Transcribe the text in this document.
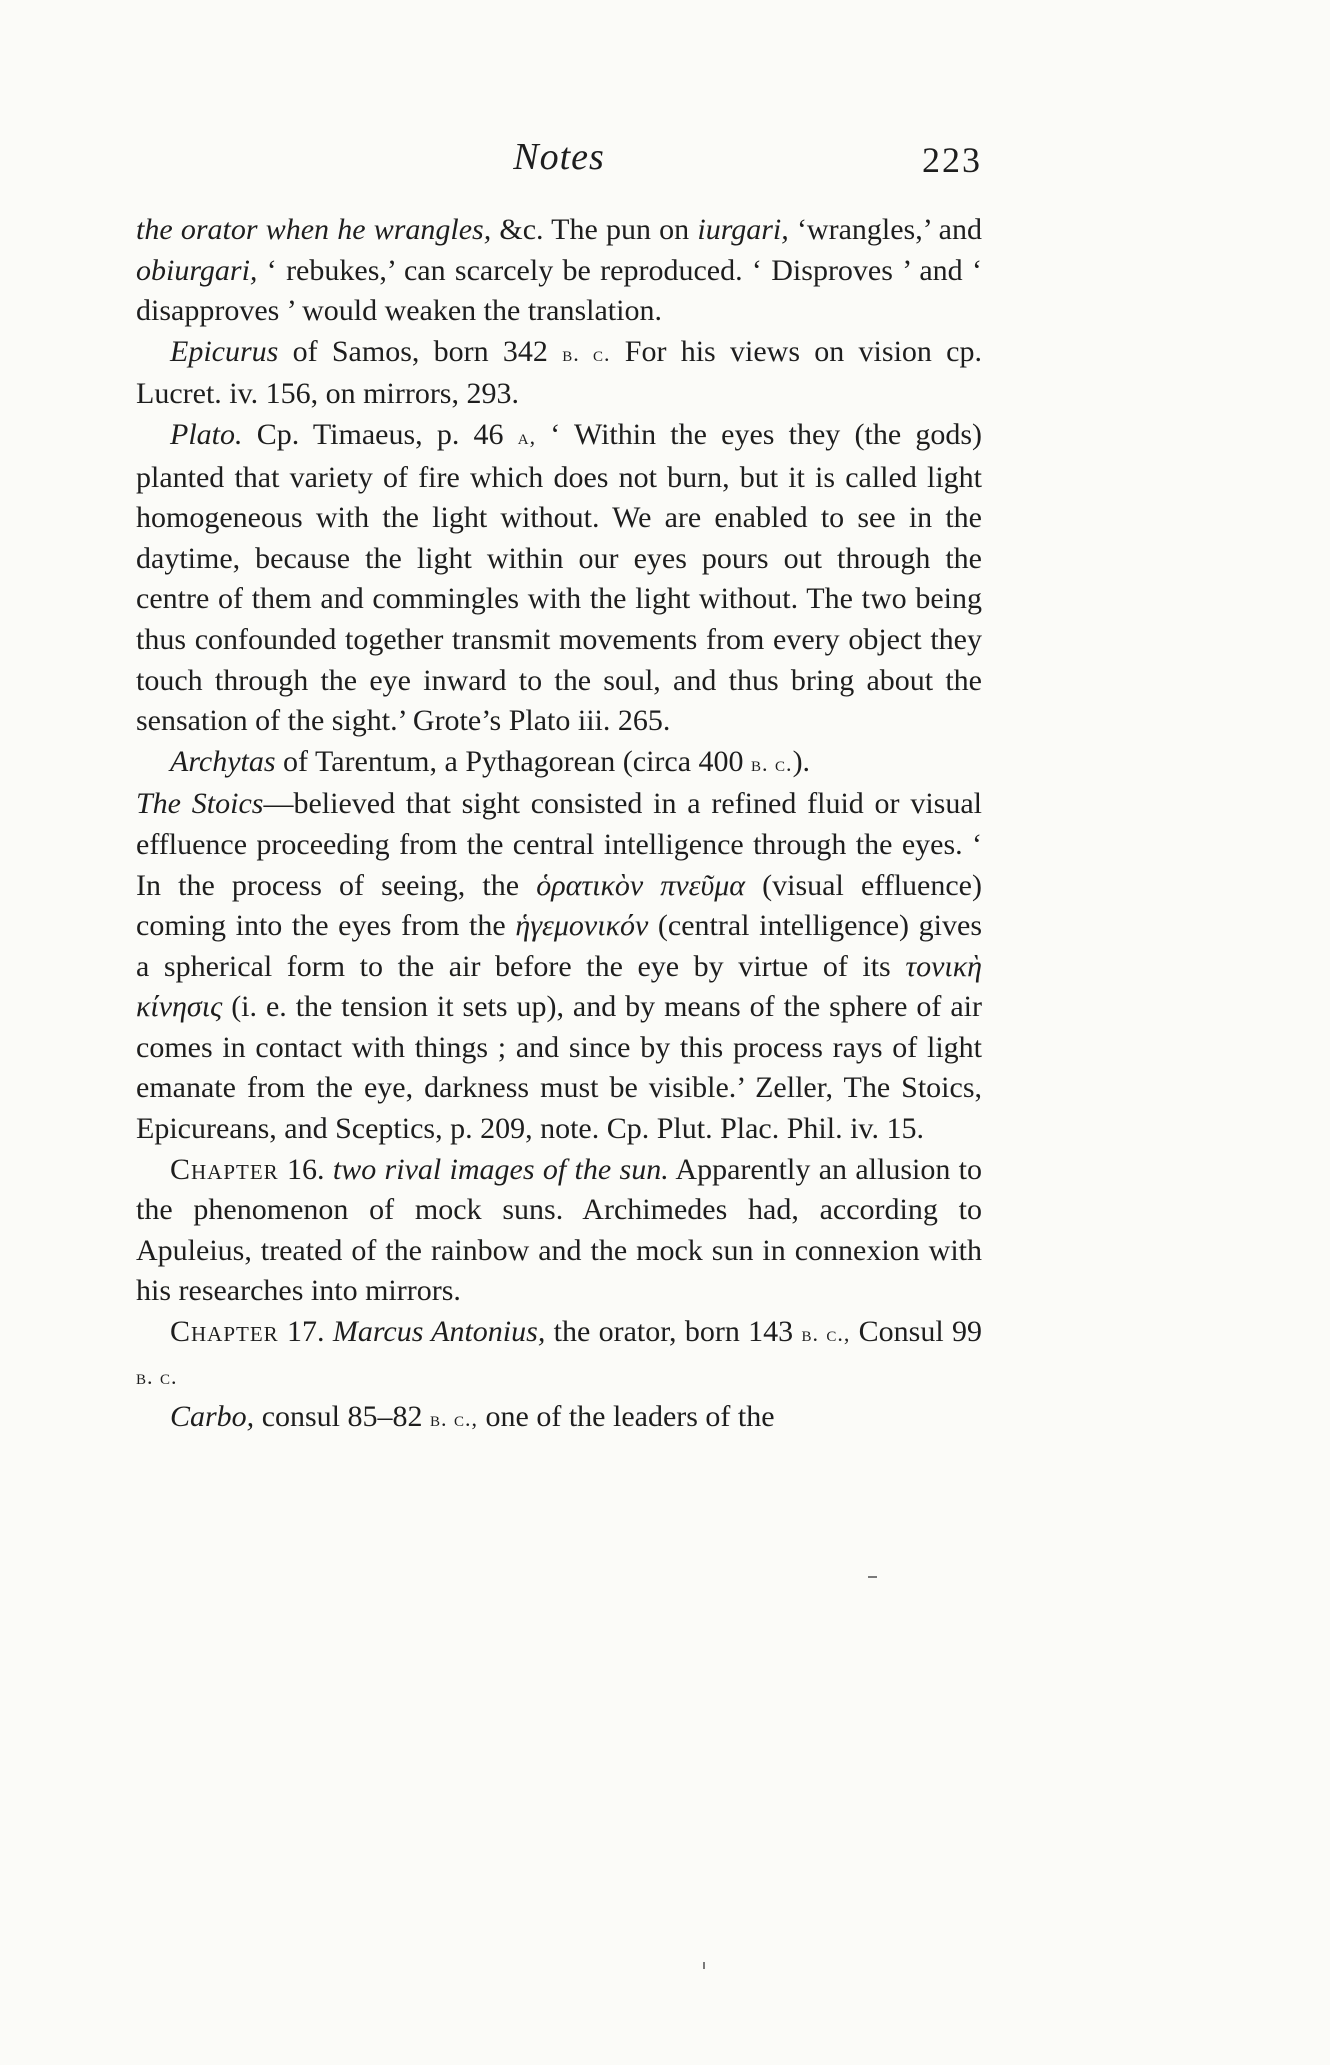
Notes	223

the orator when he wrangles, &c. The pun on iurgari, ‘wrangles,’ and obiurgari, ‘ rebukes,’ can scarcely be reproduced. ‘ Disproves ’ and ‘ disapproves ’ would weaken the translation.

Epicurus of Samos, born 342 b. c. For his views on vision cp. Lucret. iv. 156, on mirrors, 293.

Plato. Cp. Timaeus, p. 46 a, ‘ Within the eyes they (the gods) planted that variety of fire which does not burn, but it is called light homogeneous with the light without. We are enabled to see in the daytime, because the light within our eyes pours out through the centre of them and commingles with the light without. The two being thus confounded together transmit movements from every object they touch through the eye inward to the soul, and thus bring about the sensation of the sight.’ Grote’s Plato iii. 265.

Archytas of Tarentum, a Pythagorean (circa 400 b. c.).

The Stoics—believed that sight consisted in a refined fluid or visual effluence proceeding from the central intelligence through the eyes. ‘ In the process of seeing, the ὁρατικὸν πνεῦμα (visual effluence) coming into the eyes from the ἡγεμονικόν (central intelligence) gives a spherical form to the air before the eye by virtue of its τονικὴ κίνησις (i. e. the tension it sets up), and by means of the sphere of air comes in contact with things ; and since by this process rays of light emanate from the eye, darkness must be visible.’ Zeller, The Stoics, Epicureans, and Sceptics, p. 209, note. Cp. Plut. Plac. Phil. iv. 15.

Chapter 16. two rival images of the sun. Apparently an allusion to the phenomenon of mock suns. Archimedes had, according to Apuleius, treated of the rainbow and the mock sun in connexion with his researches into mirrors.

Chapter 17. Marcus Antonius, the orator, born 143 b. c., Consul 99 b. c.

Carbo, consul 85–82 b. c., one of the leaders of the
